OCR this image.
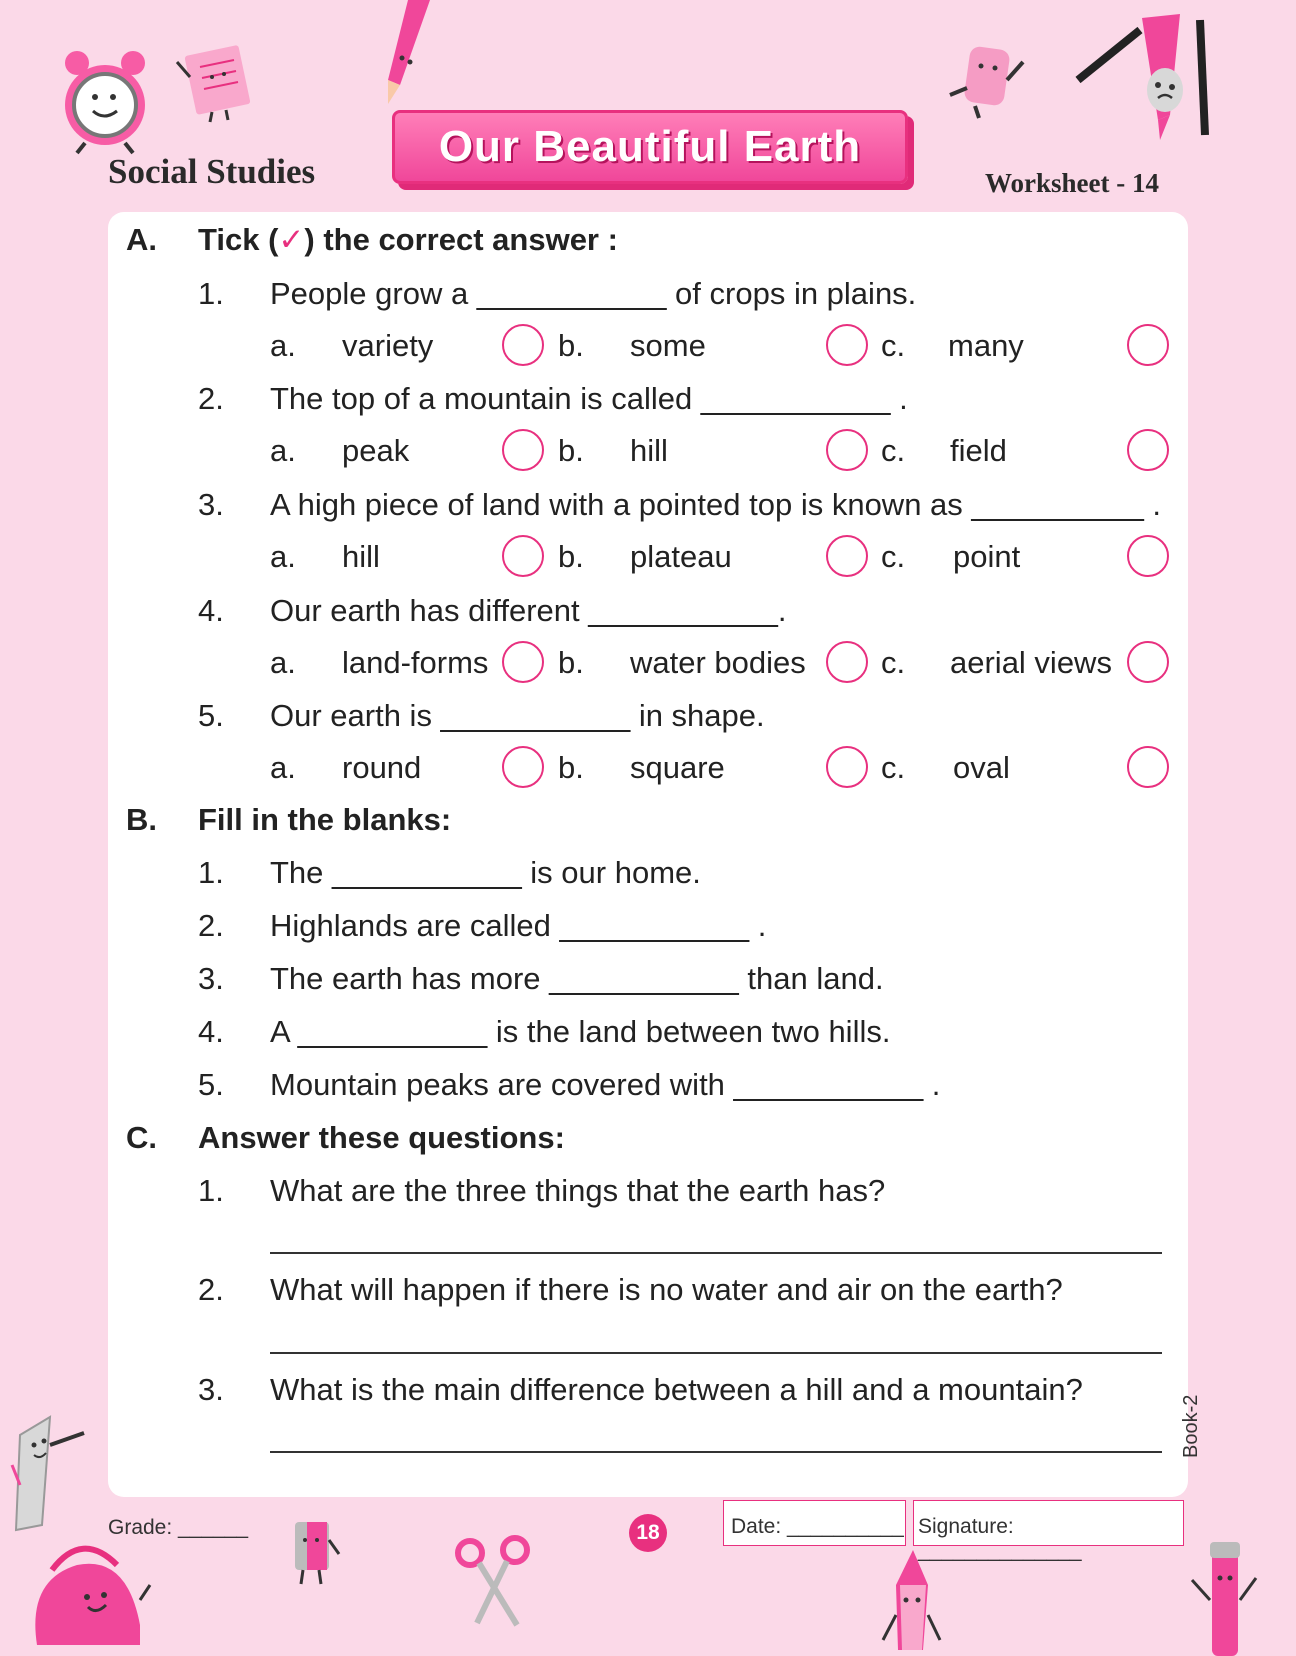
Social Studies
Our Beautiful Earth
Worksheet - 14
A. Tick (✓) the correct answer :
1. People grow a ___________ of crops in plains.
a. variety	b. some	c. many
2. The top of a mountain is called ___________ .
a. peak	b. hill	c. field
3. A high piece of land with a pointed top is known as __________ .
a. hill	b. plateau	c. point
4. Our earth has different ___________.
a. land-forms b. water bodies c. aerial views
5. Our earth is ___________ in shape.
a. round	b. square	c. oval
B. Fill in the blanks:
1. The ___________ is our home.
2. Highlands are called ___________ .
3. The earth has more ___________ than land.
4. A ___________ is the land between two hills.
5. Mountain peaks are covered with ___________ .
C. Answer these questions:
1. What are the three things that the earth has?
2. What will happen if there is no water and air on the earth?
3. What is the main difference between a hill and a mountain?
Grade: ______	18	Date: __________ Signature: ______________
Book-2
